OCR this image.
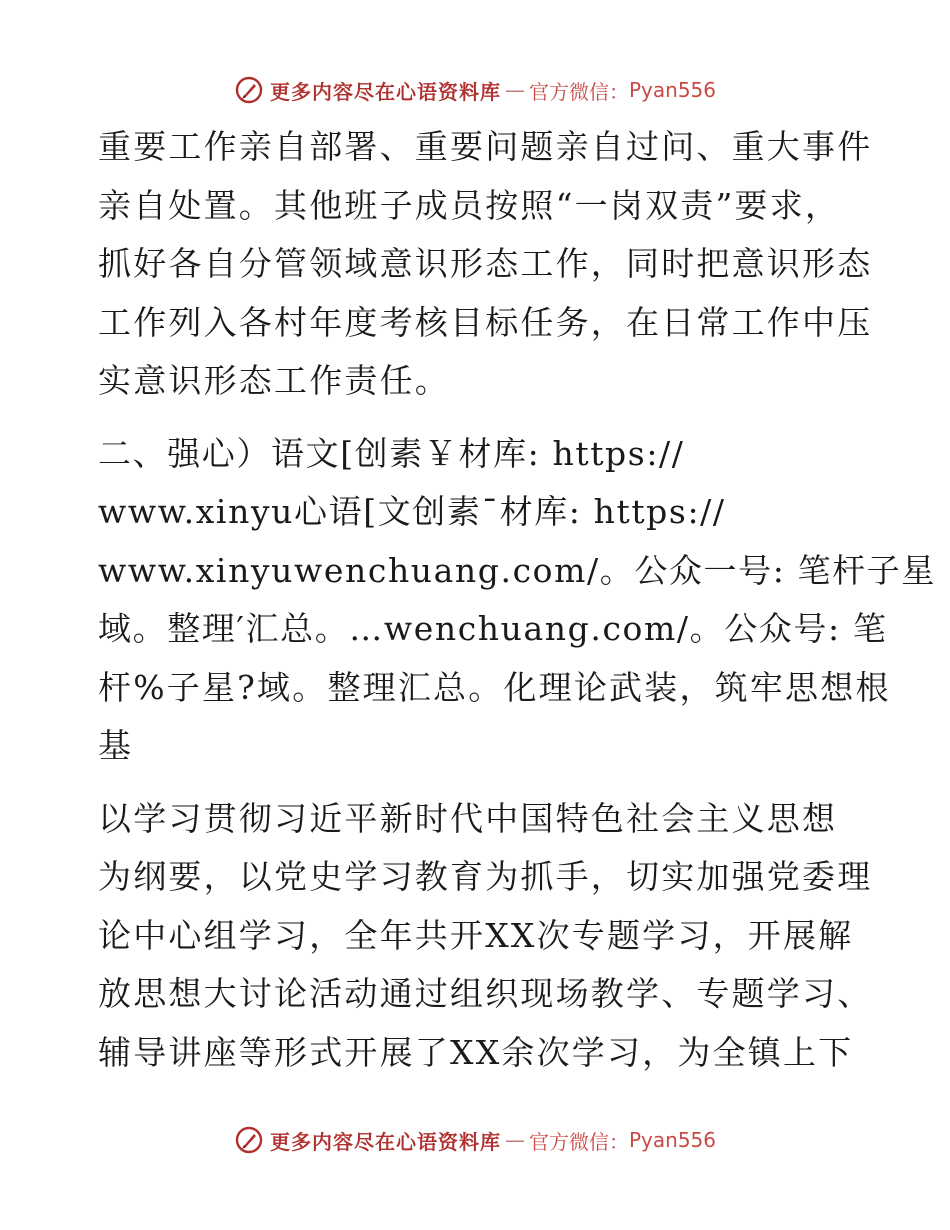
更多内容尽在心语资料库 — 官方微信： Pyan556
重要工作亲自部署、重要问题亲自过问、重大事件
亲自处置。其他班子成员按照“一岗双责”要求，
抓好各自分管领域意识形态工作，同时把意识形态
工作列入各村年度考核目标任务，在日常工作中压
实意识形态工作责任。
二、强心）语文[创素￥材库: https://
www.xinyu心语[文创素¯材库: https://
www.xinyuwenchuang.com/。公众一号: 笔杆子星
域。整理′汇总。…wenchuang.com/。公众号: 笔
杆%子星?域。整理汇总。化理论武装，筑牢思想根
基
以学习贯彻习近平新时代中国特色社会主义思想
为纲要，以党史学习教育为抓手，切实加强党委理
论中心组学习，全年共开XX次专题学习，开展解
放思想大讨论活动通过组织现场教学、专题学习、
辅导讲座等形式开展了XX余次学习，为全镇上下
更多内容尽在心语资料库 — 官方微信： Pyan556
